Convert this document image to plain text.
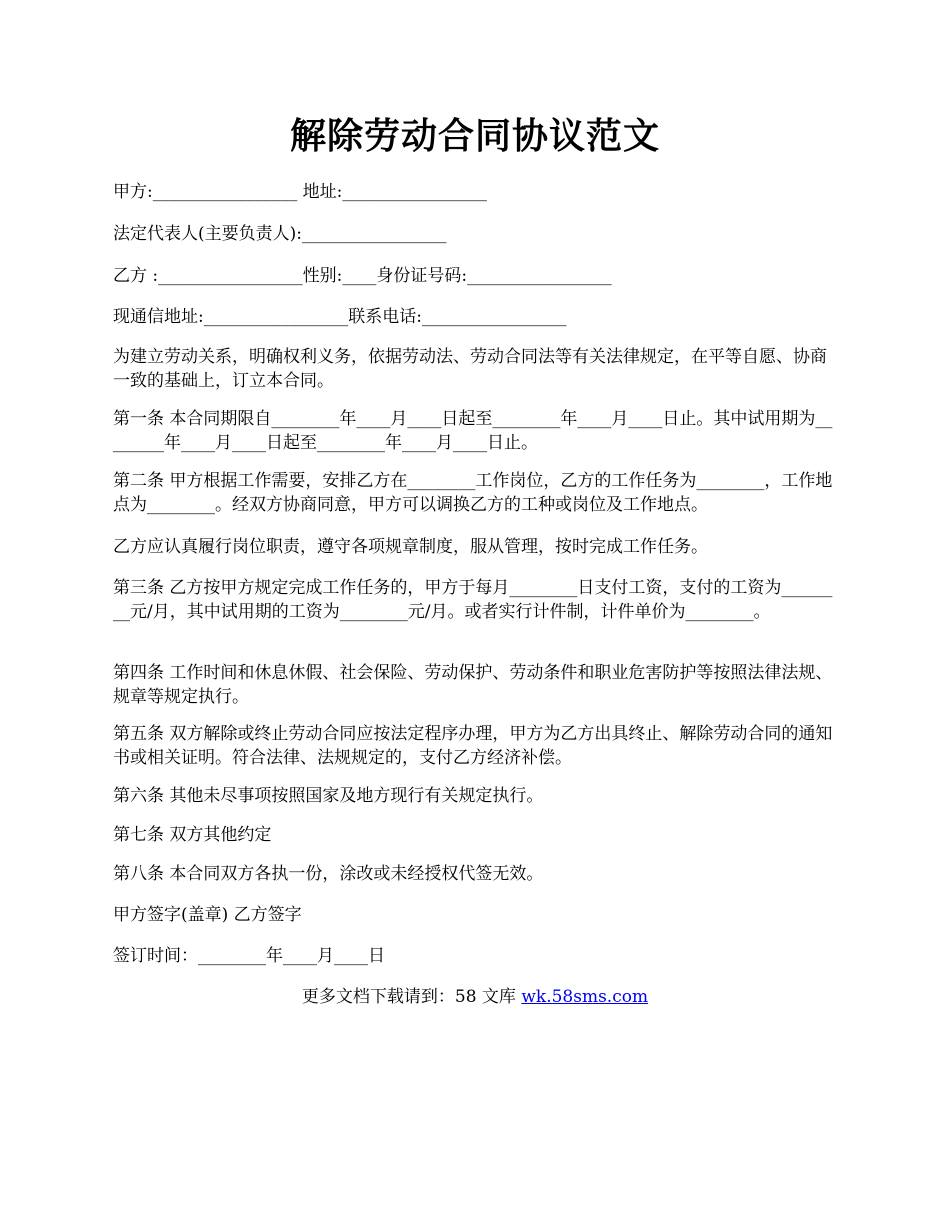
解除劳动合同协议范文
甲方:_________________ 地址:_________________
法定代表人(主要负责人):_________________
乙方 :_________________性别:____身份证号码:_________________
现通信地址:_________________联系电话:_________________
为建立劳动关系，明确权利义务，依据劳动法、劳动合同法等有关法律规定，在平等自愿、协商一致的基础上，订立本合同。
第一条 本合同期限自________年____月____日起至________年____月____日止。其中试用期为________年____月____日起至________年____月____日止。
第二条 甲方根据工作需要，安排乙方在________工作岗位，乙方的工作任务为________，工作地点为________。经双方协商同意，甲方可以调换乙方的工种或岗位及工作地点。
乙方应认真履行岗位职责，遵守各项规章制度，服从管理，按时完成工作任务。
第三条 乙方按甲方规定完成工作任务的，甲方于每月________日支付工资，支付的工资为________元/月，其中试用期的工资为________元/月。或者实行计件制，计件单价为________。
第四条 工作时间和休息休假、社会保险、劳动保护、劳动条件和职业危害防护等按照法律法规、规章等规定执行。
第五条 双方解除或终止劳动合同应按法定程序办理，甲方为乙方出具终止、解除劳动合同的通知书或相关证明。符合法律、法规规定的，支付乙方经济补偿。
第六条 其他未尽事项按照国家及地方现行有关规定执行。
第七条 双方其他约定
第八条 本合同双方各执一份，涂改或未经授权代签无效。
甲方签字(盖章) 乙方签字
签订时间：________年____月____日
更多文档下载请到：58 文库 wk.58sms.com
